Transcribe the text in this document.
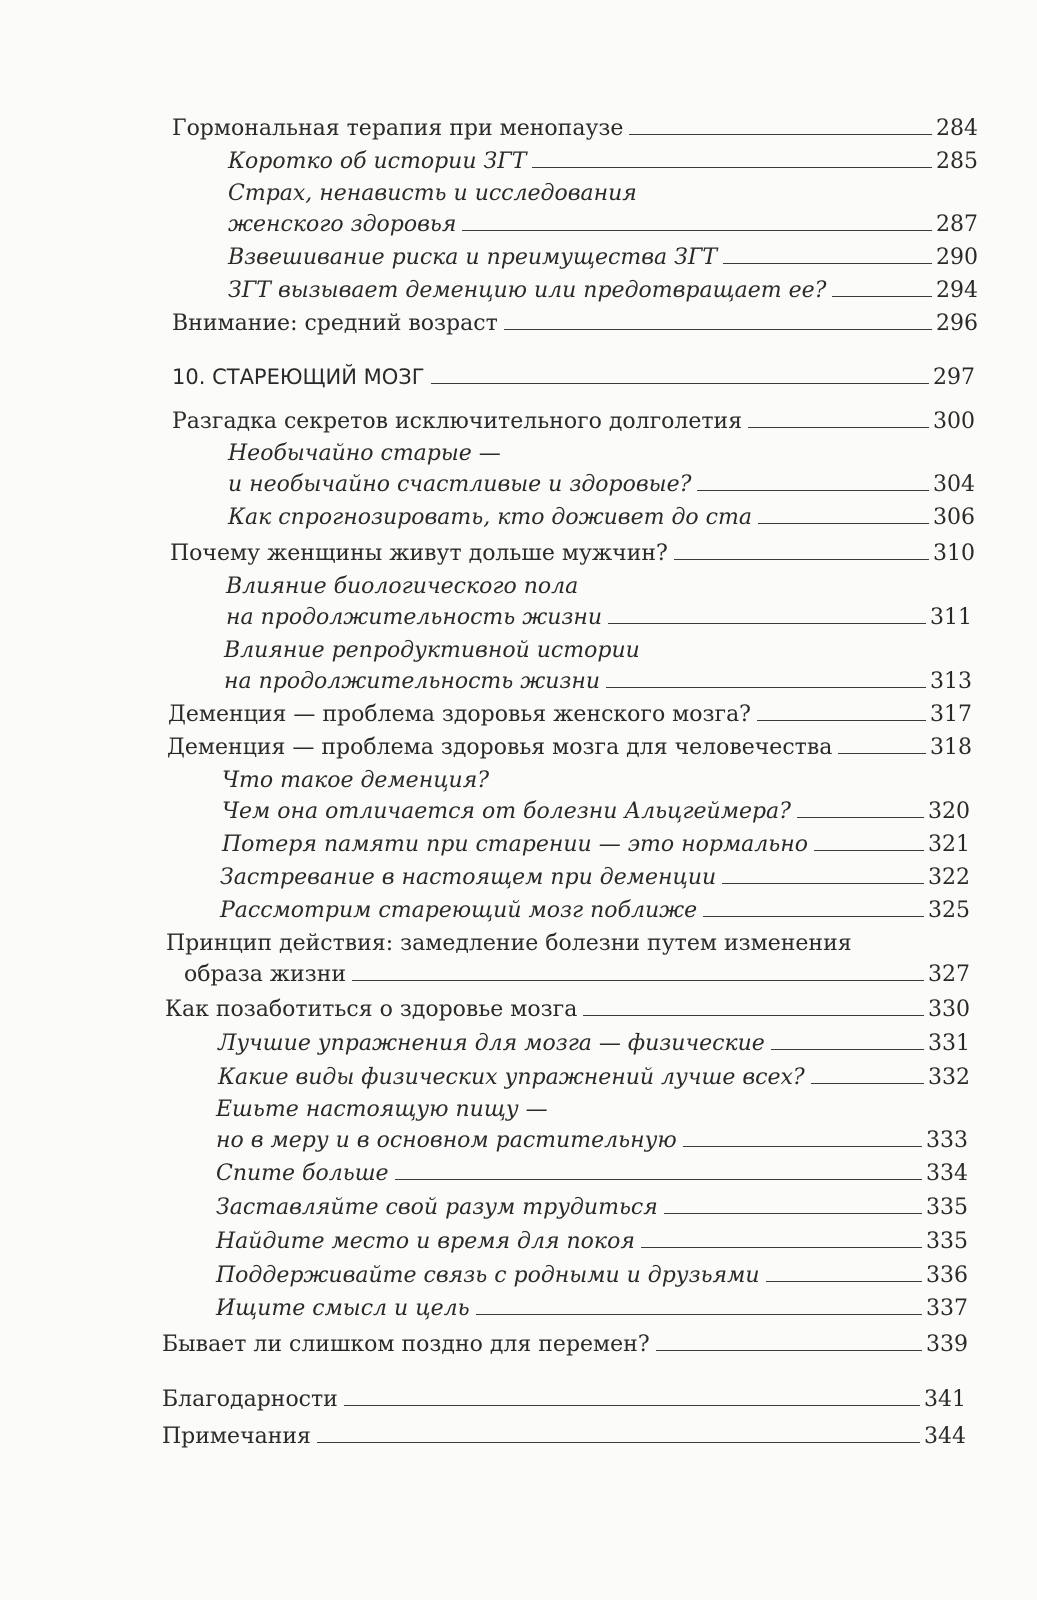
Гормональная терапия при менопаузе	284
Коротко об истории ЗГТ	285
Страх, ненависть и исследования
женского здоровья	287
Взвешивание риска и преимущества ЗГТ	290
ЗГТ вызывает деменцию или предотвращает ее?	294
Внимание: средний возраст	296
10. СТАРЕЮЩИЙ МОЗГ	297
Разгадка секретов исключительного долголетия	300
Необычайно старые —
и необычайно счастливые и здоровые?	304
Как спрогнозировать, кто доживет до ста	306
Почему женщины живут дольше мужчин?	310
Влияние биологического пола
на продолжительность жизни	311
Влияние репродуктивной истории
на продолжительность жизни	313
Деменция — проблема здоровья женского мозга?	317
Деменция — проблема здоровья мозга для человечества	318
Что такое деменция?
Чем она отличается от болезни Альцгеймера?	320
Потеря памяти при старении — это нормально	321
Застревание в настоящем при деменции	322
Рассмотрим стареющий мозг поближе	325
Принцип действия: замедление болезни путем изменения
образа жизни	327
Как позаботиться о здоровье мозга	330
Лучшие упражнения для мозга — физические	331
Какие виды физических упражнений лучше всех?	332
Ешьте настоящую пищу —
но в меру и в основном растительную	333
Спите больше	334
Заставляйте свой разум трудиться	335
Найдите место и время для покоя	335
Поддерживайте связь с родными и друзьями	336
Ищите смысл и цель	337
Бывает ли слишком поздно для перемен?	339
Благодарности	341
Примечания	344
